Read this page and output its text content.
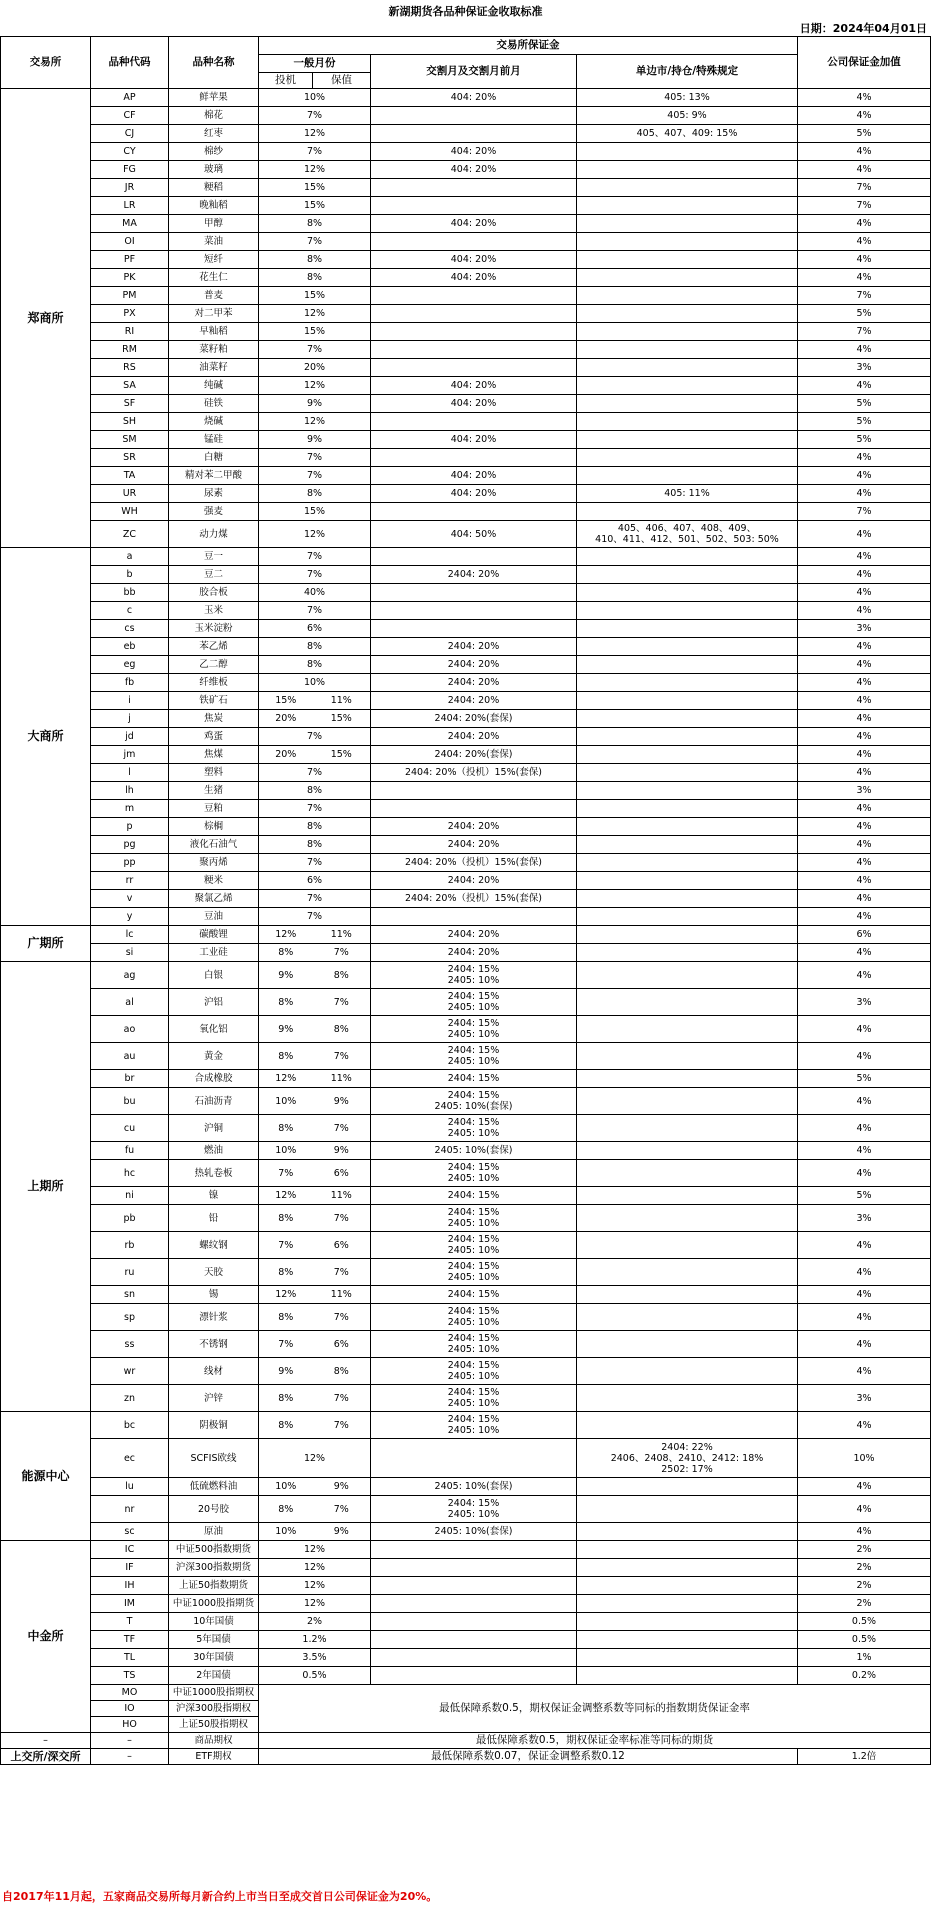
新湖期货各品种保证金收取标准
日期：2024年04月01日
交易所	品种代码	品种名称	交易所保证金				公司保证金加值
			一般月份		交割月及交割月前月	单边市/持仓/特殊规定	
			投机	保值			
郑商所	AP	鲜苹果	10%		404: 20%	405: 13%	4%
	CF	棉花	7%			405: 9%	4%
	CJ	红枣	12%			405、407、409: 15%	5%
	CY	棉纱	7%		404: 20%		4%
	FG	玻璃	12%		404: 20%		4%
	JR	粳稻	15%				7%
	LR	晚籼稻	15%				7%
	MA	甲醇	8%		404: 20%		4%
	OI	菜油	7%				4%
	PF	短纤	8%		404: 20%		4%
	PK	花生仁	8%		404: 20%		4%
	PM	普麦	15%				7%
	PX	对二甲苯	12%				5%
	RI	早籼稻	15%				7%
	RM	菜籽粕	7%				4%
	RS	油菜籽	20%				3%
	SA	纯碱	12%		404: 20%		4%
	SF	硅铁	9%		404: 20%		5%
	SH	烧碱	12%				5%
	SM	锰硅	9%		404: 20%		5%
	SR	白糖	7%				4%
	TA	精对苯二甲酸	7%		404: 20%		4%
	UR	尿素	8%		404: 20%	405: 11%	4%
	WH	强麦	15%				7%
	ZC	动力煤	12%		404: 50%	405、406、407、408、409、
410、411、412、501、502、503: 50%	4%
大商所	a	豆一	7%				4%
	b	豆二	7%		2404: 20%		4%
	bb	胶合板	40%				4%
	c	玉米	7%				4%
	cs	玉米淀粉	6%				3%
	eb	苯乙烯	8%		2404: 20%		4%
	eg	乙二醇	8%		2404: 20%		4%
	fb	纤维板	10%		2404: 20%		4%
	i	铁矿石	15%	11%	2404: 20%		4%
	j	焦炭	20%	15%	2404: 20%(套保)		4%
	jd	鸡蛋	7%		2404: 20%		4%
	jm	焦煤	20%	15%	2404: 20%(套保)		4%
	l	塑料	7%		2404: 20%（投机）15%(套保)		4%
	lh	生猪	8%				3%
	m	豆粕	7%				4%
	p	棕榈	8%		2404: 20%		4%
	pg	液化石油气	8%		2404: 20%		4%
	pp	聚丙烯	7%		2404: 20%（投机）15%(套保)		4%
	rr	粳米	6%		2404: 20%		4%
	v	聚氯乙烯	7%		2404: 20%（投机）15%(套保)		4%
	y	豆油	7%				4%
广期所	lc	碳酸锂	12%	11%	2404: 20%		6%
	si	工业硅	8%	7%	2404: 20%		4%
上期所	ag	白银	9%	8%	2404: 15%
2405: 10%		4%
	al	沪铝	8%	7%	2404: 15%
2405: 10%		3%
	ao	氧化铝	9%	8%	2404: 15%
2405: 10%		4%
	au	黄金	8%	7%	2404: 15%
2405: 10%		4%
	br	合成橡胶	12%	11%	2404: 15%		5%
	bu	石油沥青	10%	9%	2404: 15%
2405: 10%(套保)		4%
	cu	沪铜	8%	7%	2404: 15%
2405: 10%		4%
	fu	燃油	10%	9%	2405: 10%(套保)		4%
	hc	热轧卷板	7%	6%	2404: 15%
2405: 10%		4%
	ni	镍	12%	11%	2404: 15%		5%
	pb	铅	8%	7%	2404: 15%
2405: 10%		3%
	rb	螺纹钢	7%	6%	2404: 15%
2405: 10%		4%
	ru	天胶	8%	7%	2404: 15%
2405: 10%		4%
	sn	锡	12%	11%	2404: 15%		4%
	sp	漂针浆	8%	7%	2404: 15%
2405: 10%		4%
	ss	不锈钢	7%	6%	2404: 15%
2405: 10%		4%
	wr	线材	9%	8%	2404: 15%
2405: 10%		4%
	zn	沪锌	8%	7%	2404: 15%
2405: 10%		3%
能源中心	bc	阴极铜	8%	7%	2404: 15%
2405: 10%		4%
	ec	SCFIS欧线	12%			2404: 22%
2406、2408、2410、2412: 18%
2502: 17%	10%
	lu	低硫燃料油	10%	9%	2405: 10%(套保)		4%
	nr	20号胶	8%	7%	2404: 15%
2405: 10%		4%
	sc	原油	10%	9%	2405: 10%(套保)		4%
中金所	IC	中证500指数期货	12%				2%
	IF	沪深300指数期货	12%				2%
	IH	上证50指数期货	12%				2%
	IM	中证1000股指期货	12%				2%
	T	10年国债	2%				0.5%
	TF	5年国债	1.2%				0.5%
	TL	30年国债	3.5%				1%
	TS	2年国债	0.5%				0.2%
	MO	中证1000股指期权	最低保障系数0.5，期权保证金调整系数等同标的指数期货保证金率				
	IO	沪深300股指期权					
	HO	上证50股指期权					
–	–	商品期权	最低保障系数0.5，期权保证金率标准等同标的期货				
上交所/深交所	–	ETF期权	最低保障系数0.07，保证金调整系数0.12				1.2倍
自2017年11月起，五家商品交易所每月新合约上市当日至成交首日公司保证金为20%。
